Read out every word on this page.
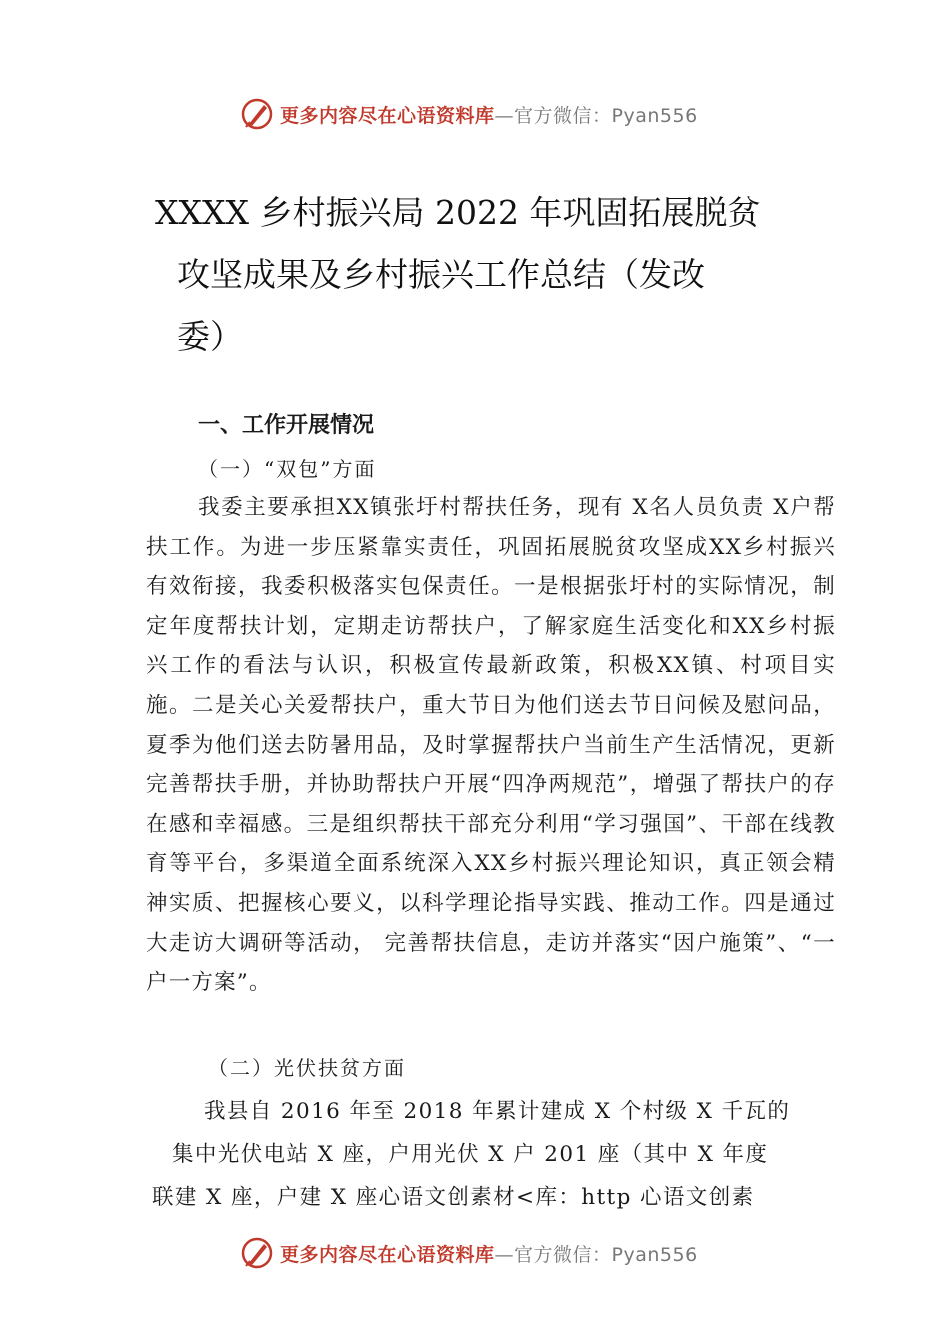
更多内容尽在心语资料库—官方微信：Pyan556
XXXX 乡村振兴局 2022 年巩固拓展脱贫
攻坚成果及乡村振兴工作总结（发改
委）
一、工作开展情况
（一）“双包”方面

我委主要承担XX镇张圩村帮扶任务，现有 X名人员负责 X户帮扶工作。为进一步压紧靠实责任，巩固拓展脱贫攻坚成XX乡村振兴有效衔接，我委积极落实包保责任。一是根据张圩村的实际情况，制定年度帮扶计划，定期走访帮扶户，了解家庭生活变化和XX乡村振兴工作的看法与认识，积极宣传最新政策，积极XX镇、村项目实施。二是关心关爱帮扶户，重大节日为他们送去节日问候及慰问品，夏季为他们送去防暑用品，及时掌握帮扶户当前生产生活情况，更新完善帮扶手册，并协助帮扶户开展“四净两规范”，增强了帮扶户的存在感和幸福感。三是组织帮扶干部充分利用“学习强国”、干部在线教育等平台，多渠道全面系统深入XX乡村振兴理论知识，真正领会精神实质、把握核心要义，以科学理论指导实践、推动工作。四是通过大走访大调研等活动， 完善帮扶信息，走访并落实“因户施策”、“一户一方案”。

（二）光伏扶贫方面
我县自 2016 年至 2018 年累计建成 X 个村级 X 千瓦的
集中光伏电站 X 座，户用光伏 X 户 201 座（其中 X 年度
联建 X 座，户建 X 座心语文创素材<库：http 心语文创素
更多内容尽在心语资料库—官方微信：Pyan556
